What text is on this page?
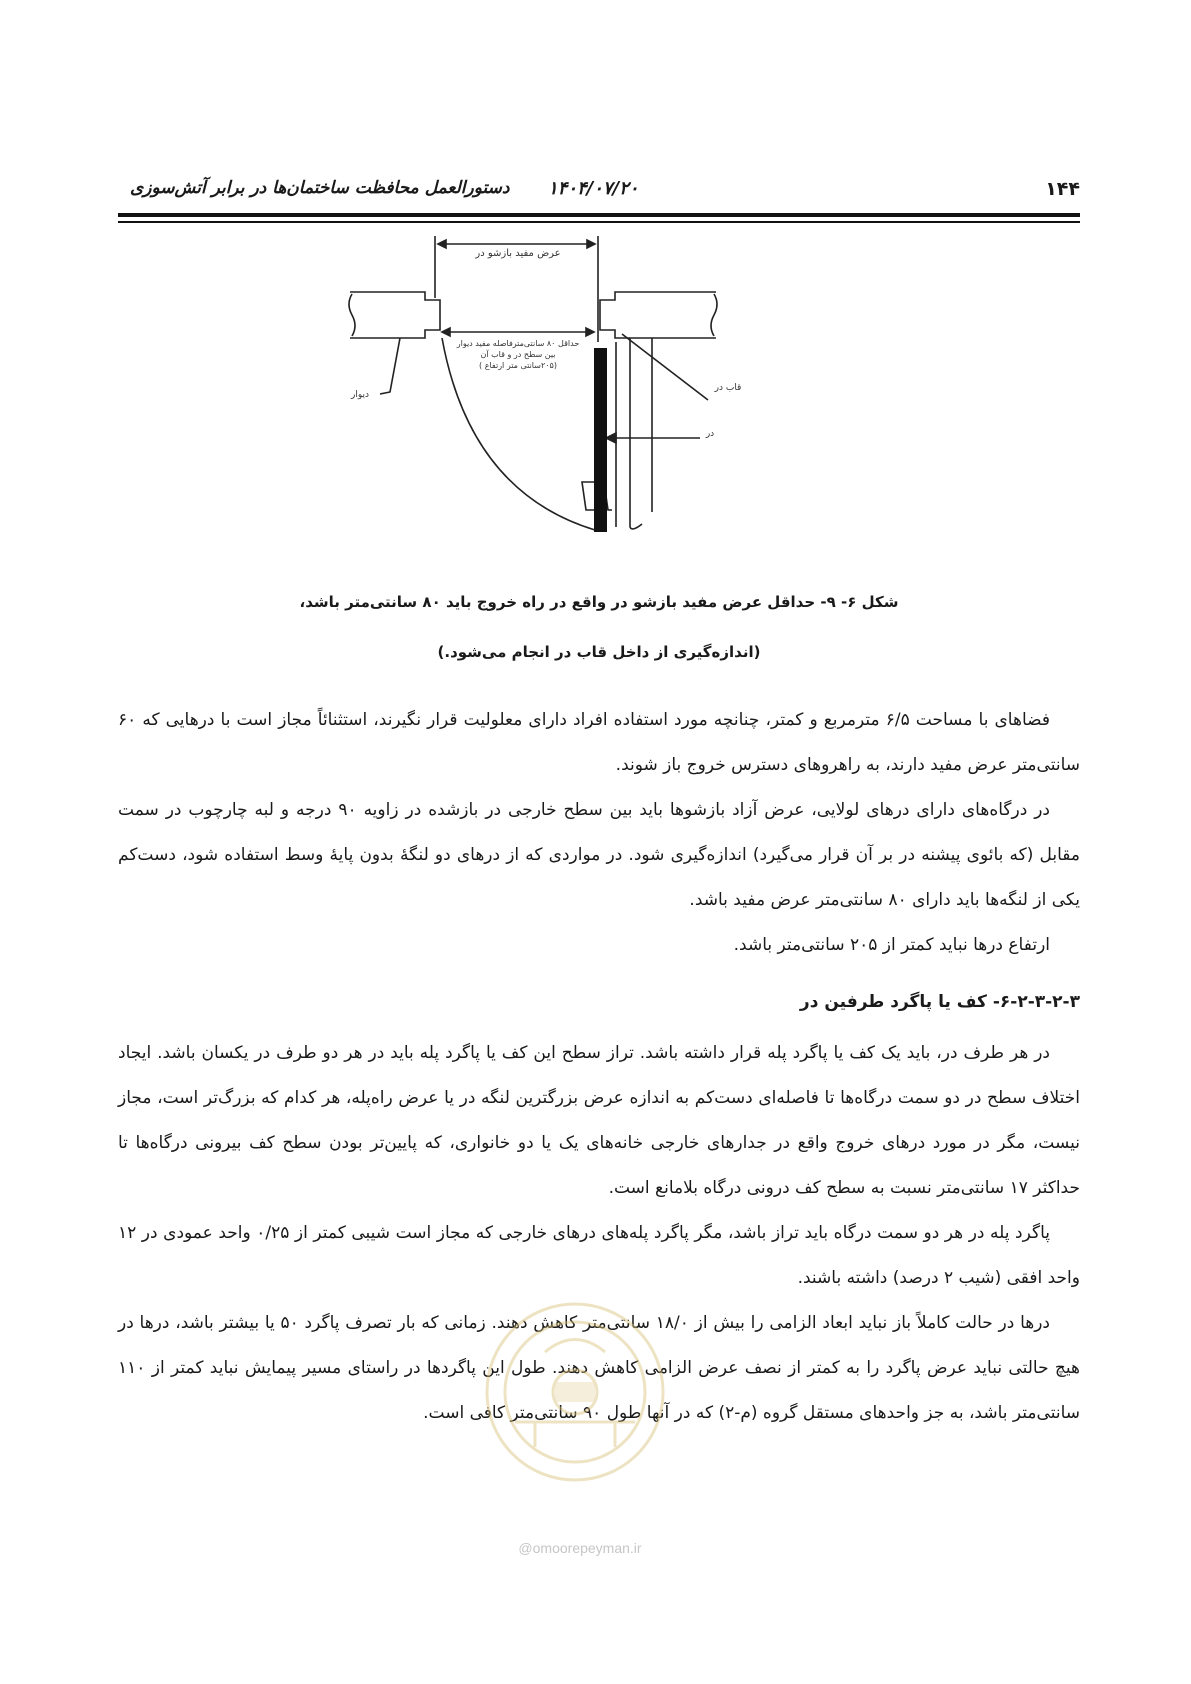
۱۴۴
۱۴۰۴/۰۷/۲۰
دستورالعمل محافظت ساختمان‌ها در برابر آتش‌سوزی
عرض مفید بازشو در
حداقل ۸۰ سانتی‌مترفاصله مفید دیوار
بین سطح در و قاب آن
(۲۰۵سانتی متر ارتفاع )
دیوار
قاب در
در
شکل ۶- ۹- حداقل عرض مفید بازشو در واقع در راه خروج باید ۸۰ سانتی‌متر باشد،
(اندازه‌گیری از داخل قاب در انجام می‌شود.)

فضاهای با مساحت ۶/۵ مترمربع و کمتر، چنانچه مورد استفاده افراد دارای معلولیت قرار نگیرند، استثنائاً مجاز است با درهایی که ۶۰ سانتی‌متر عرض مفید دارند، به راهروهای دسترس خروج باز شوند.

در درگاه‌های دارای درهای لولایی، عرض آزاد بازشوها باید بین سطح خارجی در بازشده در زاویه ۹۰ درجه و لبه چارچوب در سمت مقابل (که بائوی پیشنه در بر آن قرار می‌گیرد) اندازه‌گیری شود. در مواردی که از درهای دو لنگهٔ بدون پایهٔ وسط استفاده شود، دست‌کم یکی از لنگه‌ها باید دارای ۸۰ سانتی‌متر عرض مفید باشد.

ارتفاع درها نباید کمتر از ۲۰۵ سانتی‌متر باشد.

۶-۲-۳-۲-۳- کف یا پاگرد طرفین در

در هر طرف در، باید یک کف یا پاگرد پله قرار داشته باشد. تراز سطح این کف یا پاگرد پله باید در هر دو طرف در یکسان باشد. ایجاد اختلاف سطح در دو سمت درگاه‌ها تا فاصله‌ای دست‌کم به اندازه عرض بزرگترین لنگه در یا عرض راه‌پله، هر کدام که بزرگ‌تر است، مجاز نیست، مگر در مورد درهای خروج واقع در جدارهای خارجی خانه‌های یک یا دو خانواری، که پایین‌تر بودن سطح کف بیرونی درگاه‌ها تا حداکثر ۱۷ سانتی‌متر نسبت به سطح کف درونی درگاه بلامانع است.

پاگرد پله در هر دو سمت درگاه باید تراز باشد، مگر پاگرد پله‌های درهای خارجی که مجاز است شیبی کمتر از ۰/۲۵ واحد عمودی در ۱۲ واحد افقی (شیب ۲ درصد) داشته باشند.

درها در حالت کاملاً باز نباید ابعاد الزامی را بیش از ۱۸/۰ سانتی‌متر کاهش دهند. زمانی که بار تصرف پاگرد ۵۰ یا بیشتر باشد، درها در هیچ حالتی نباید عرض پاگرد را به کمتر از نصف عرض الزامی کاهش دهند. طول این پاگردها در راستای مسیر پیمایش نباید کمتر از ۱۱۰ سانتی‌متر باشد، به جز واحدهای مستقل گروه (م-۲) که در آنها طول ۹۰ سانتی‌متر کافی است.

@omoorepeyman.ir
